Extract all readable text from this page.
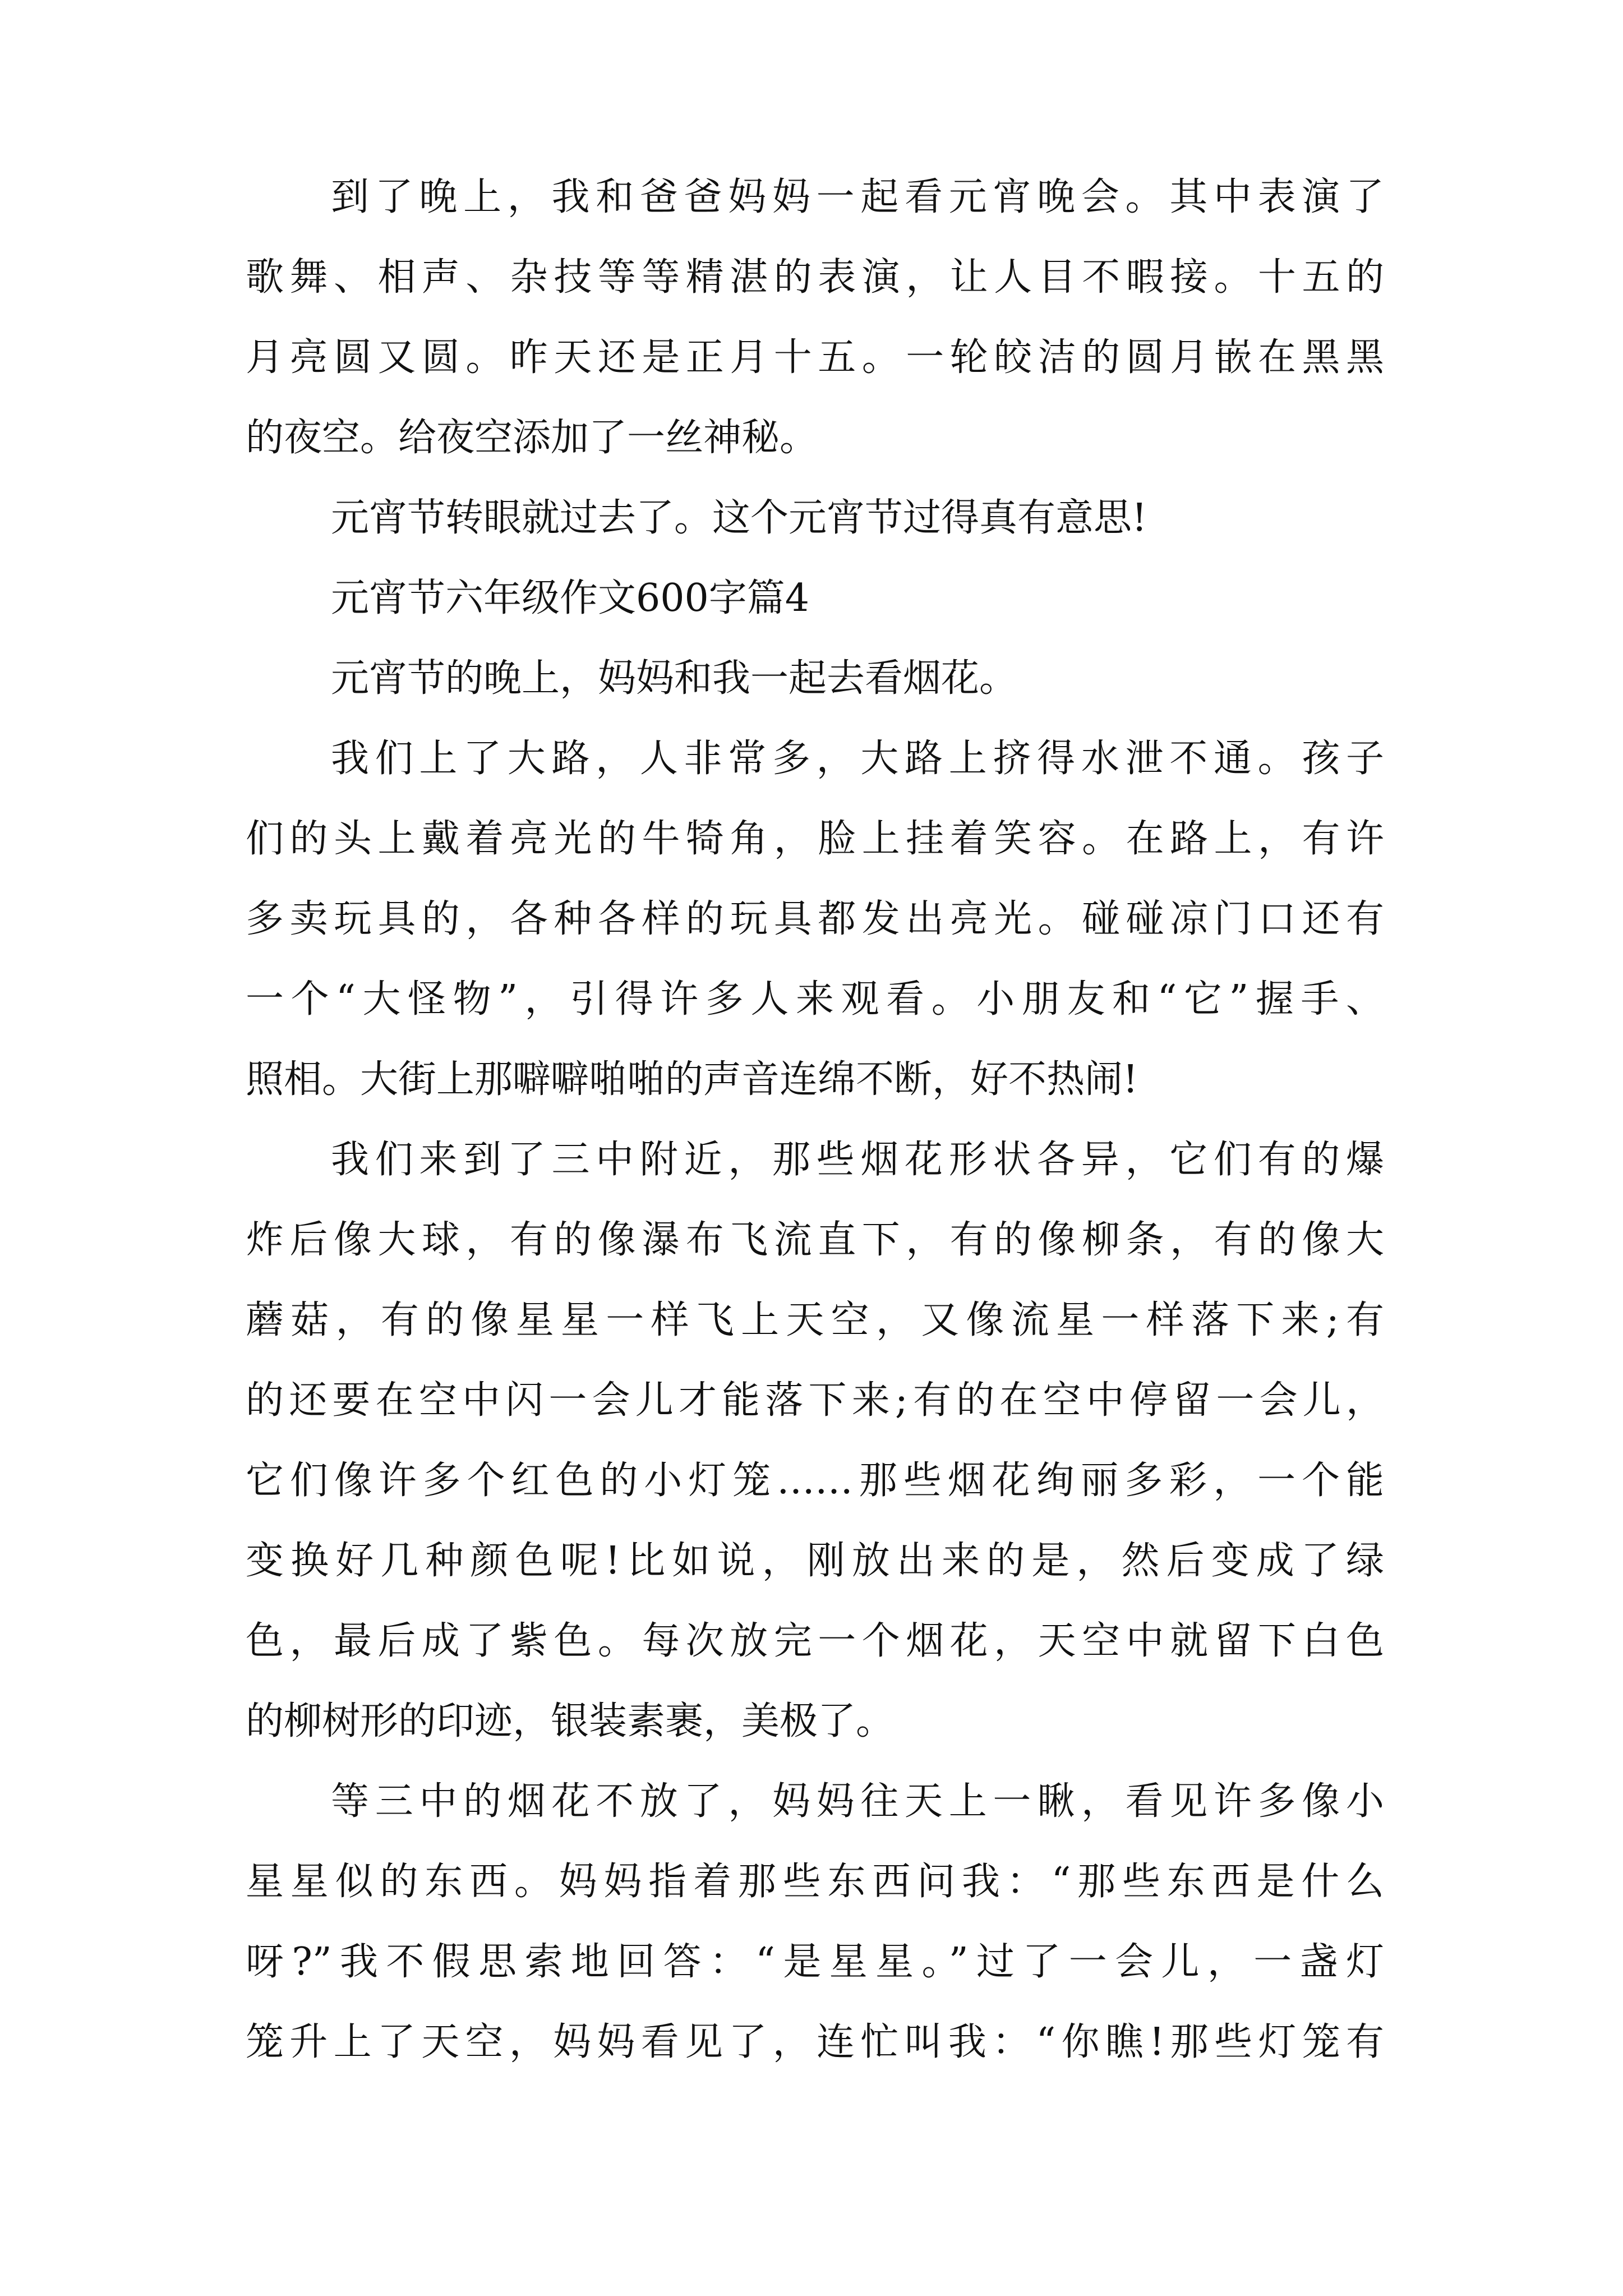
到了晚上，我和爸爸妈妈一起看元宵晚会。其中表演了
歌舞、相声、杂技等等精湛的表演，让人目不暇接。十五的
月亮圆又圆。昨天还是正月十五。一轮皎洁的圆月嵌在黑黑
的夜空。给夜空添加了一丝神秘。
元宵节转眼就过去了。这个元宵节过得真有意思!
元宵节六年级作文600字篇4
元宵节的晚上，妈妈和我一起去看烟花。
我们上了大路，人非常多，大路上挤得水泄不通。孩子
们的头上戴着亮光的牛犄角，脸上挂着笑容。在路上，有许
多卖玩具的，各种各样的玩具都发出亮光。碰碰凉门口还有
一个“大怪物”，引得许多人来观看。小朋友和“它”握手、
照相。大街上那噼噼啪啪的声音连绵不断，好不热闹!
我们来到了三中附近，那些烟花形状各异，它们有的爆
炸后像大球，有的像瀑布飞流直下，有的像柳条，有的像大
蘑菇，有的像星星一样飞上天空，又像流星一样落下来;有
的还要在空中闪一会儿才能落下来;有的在空中停留一会儿，
它们像许多个红色的小灯笼……那些烟花绚丽多彩，一个能
变换好几种颜色呢!比如说，刚放出来的是，然后变成了绿
色，最后成了紫色。每次放完一个烟花，天空中就留下白色
的柳树形的印迹，银装素裹，美极了。
等三中的烟花不放了，妈妈往天上一瞅，看见许多像小
星星似的东西。妈妈指着那些东西问我：“那些东西是什么
呀?”我不假思索地回答：“是星星。”过了一会儿，一盏灯
笼升上了天空，妈妈看见了，连忙叫我：“你瞧!那些灯笼有
